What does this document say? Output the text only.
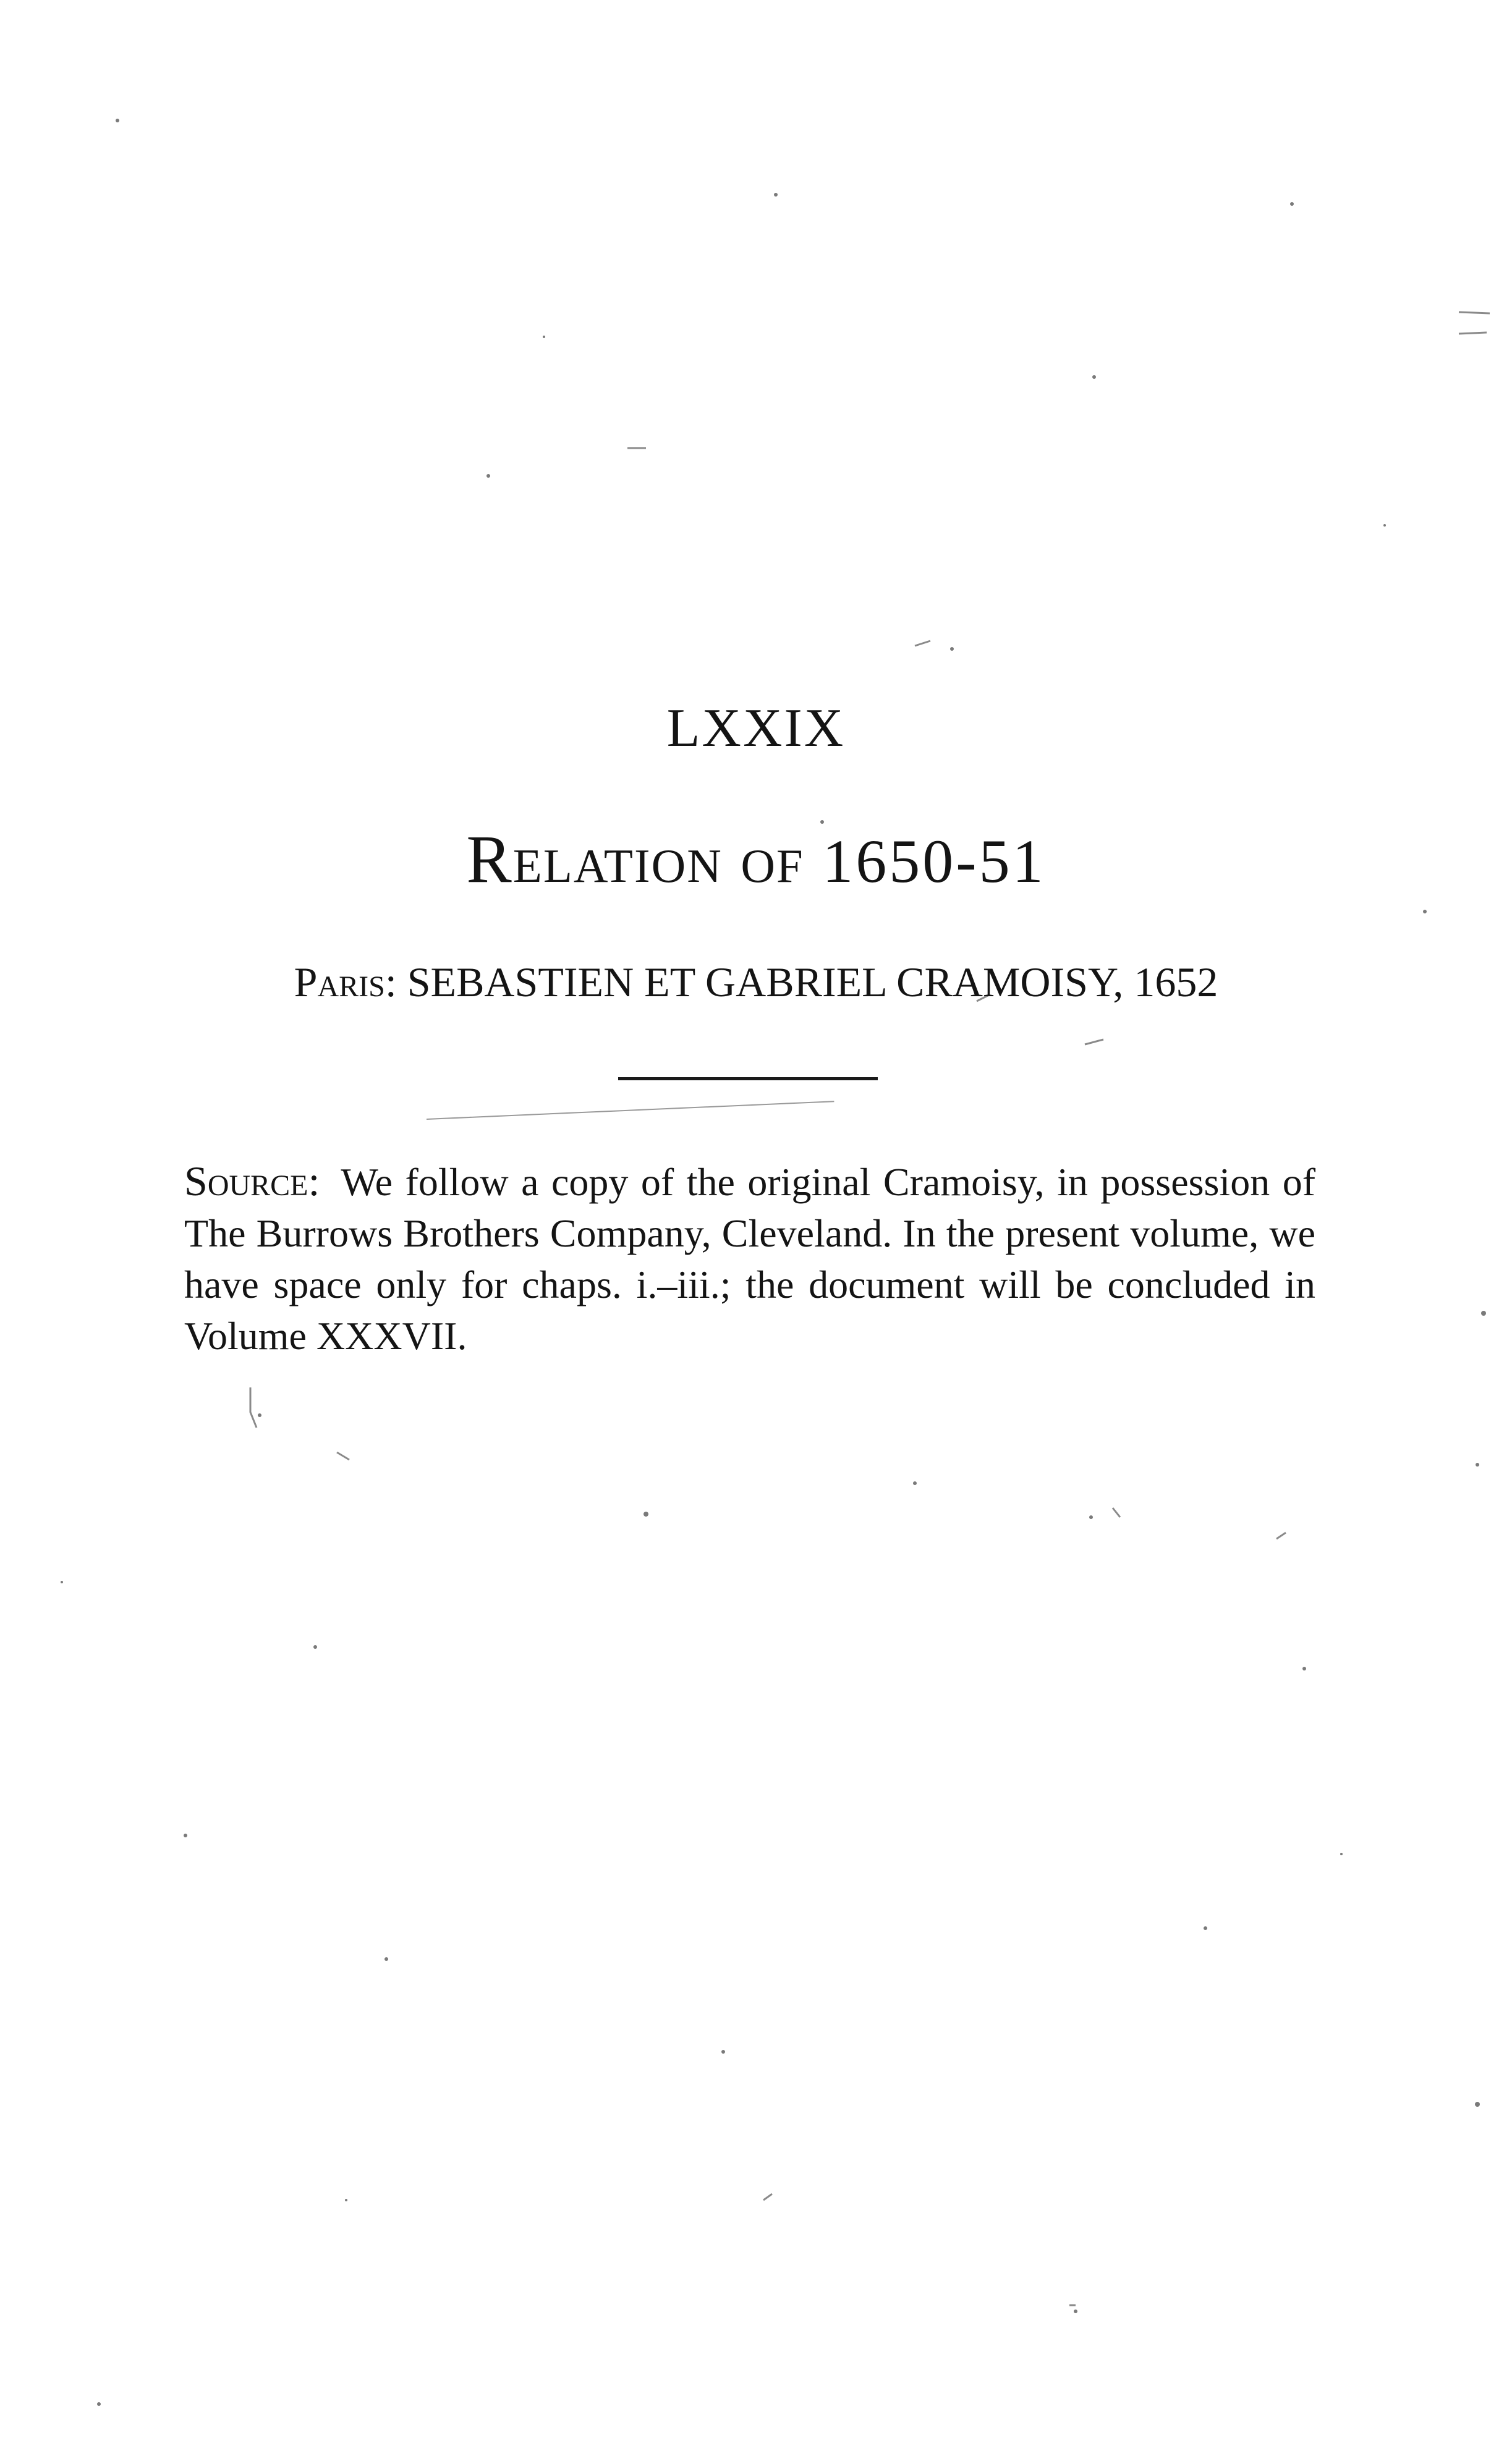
LXXIX
Relation of 1650-51
Paris: SEBASTIEN ET GABRIEL CRAMOISY, 1652
Source: We follow a copy of the original Cramoisy, in possession of The Burrows Brothers Company, Cleveland. In the present volume, we have space only for chaps. i.–iii.; the document will be concluded in Volume XXXVII.
